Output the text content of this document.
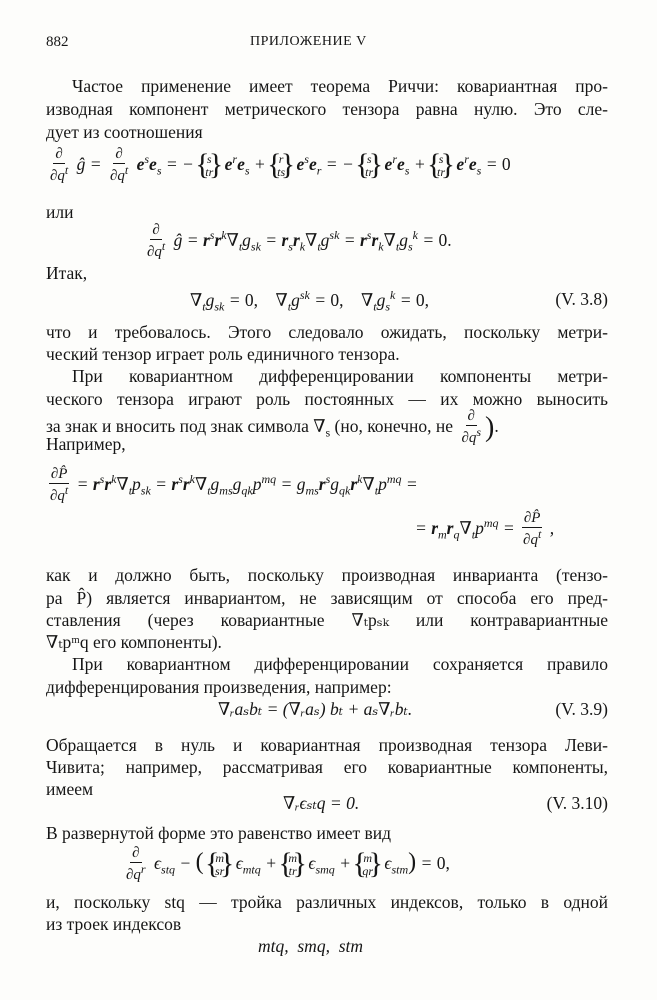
882	ПРИЛОЖЕНИЕ V
Частое применение имеет теорема Риччи: ковариантная про-
изводная компонент метрического тензора равна нулю. Это сле-
дует из соотношения
$\frac{\partial}{\partial q^t}$ ĝ = $\frac{\partial}{\partial q^t} e^se_s$ = − { s
tr
} $e^re_s$ + { r
ts
} $e^se_r$ = − { s
tr
} $e^re_s$ + { s
tr
} $e^re_s = 0$
или
$\frac{\partial}{\partial q^t}$ ĝ = $r^sr^k\nabla_tg_{sk} = r_sr_k\nabla_tg^{sk} = r^sr_k\nabla_tg_s^k = 0$.
Итак,
$\nabla_tg_{sk} = 0$,    $\nabla_tg^{sk} = 0$,    $\nabla_tg_s^k = 0$,	(V. 3.8)
что и требовалось. Этого следовало ожидать, поскольку метри-
ческий тензор играет роль единичного тензора.
При ковариантном дифференцировании компоненты метри-
ческого тензора играют роль постоянных — их можно выносить
за знак и вносить под знак символа $\nabla_s$ (но, конечно, не $\frac{\partial}{\partial q^s}$ ).
Например,
$\frac{\partial P̂}{\partial q^t} = r^sr^k\nabla_tp_{sk} = r^sr^k\nabla_tg_{ms}g_{qk}p^{mq} = g_{ms}r^sg_{qk}r^k\nabla_tp^{mq}$ =
= $r_mr_q\nabla_tp^{mq} = \frac{\partial P̂}{\partial q^t}$ ,
как и должно быть, поскольку производная инварианта (тензо-
ра P̂) является инвариантом, не зависящим от способа его пред-
ставления (через ковариантные ∇ₜpₛₖ или контравариантные
∇ₜpᵐq его компоненты).
При ковариантном дифференцировании сохраняется правило
дифференцирования произведения, например:
∇ᵣaₛbₜ = (∇ᵣaₛ) bₜ + aₛ∇ᵣbₜ.	(V. 3.9)
Обращается в нуль и ковариантная производная тензора Леви-
Чивита; например, рассматривая его ковариантные компоненты,
имеем
∇ᵣϵₛₜq = 0.	(V. 3.10)
В развернутой форме это равенство имеет вид
$\frac{\partial}{\partial q^r} \epsilon_{stq}$ − ( { m
sr
} $\epsilon_{mtq}$ + { m
tr
} $\epsilon_{smq}$ + { m
qr
} $\epsilon_{stm}) = 0$,
и, поскольку stq — тройка различных индексов, только в одной
из троек индексов
mtq,  smq,  stm
